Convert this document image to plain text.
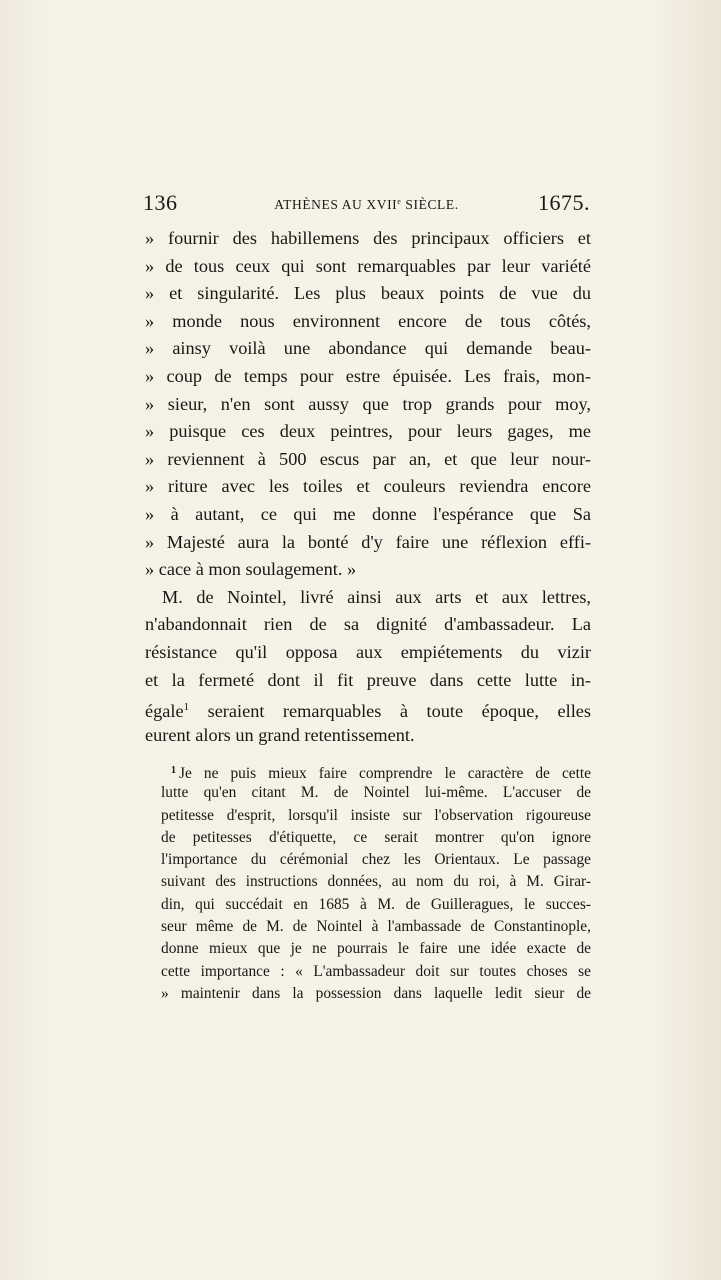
136	ATHÈNES AU XVIIe SIÈCLE.	1675.
» fournir des habillemens des principaux officiers et
» de tous ceux qui sont remarquables par leur variété
» et singularité. Les plus beaux points de vue du
» monde nous environnent encore de tous côtés,
» ainsy voilà une abondance qui demande beau-
» coup de temps pour estre épuisée. Les frais, mon-
» sieur, n'en sont aussy que trop grands pour moy,
» puisque ces deux peintres, pour leurs gages, me
» reviennent à 500 escus par an, et que leur nour-
» riture avec les toiles et couleurs reviendra encore
» à autant, ce qui me donne l'espérance que Sa
» Majesté aura la bonté d'y faire une réflexion effi-
» cace à mon soulagement. »
M. de Nointel, livré ainsi aux arts et aux lettres,
n'abandonnait rien de sa dignité d'ambassadeur. La
résistance qu'il opposa aux empiétements du vizir
et la fermeté dont il fit preuve dans cette lutte in-
égale$^1$ seraient remarquables à toute époque, elles
eurent alors un grand retentissement.
$^1$ Je ne puis mieux faire comprendre le caractère de cette
lutte qu'en citant M. de Nointel lui-même. L'accuser de
petitesse d'esprit, lorsqu'il insiste sur l'observation rigoureuse
de petitesses d'étiquette, ce serait montrer qu'on ignore
l'importance du cérémonial chez les Orientaux. Le passage
suivant des instructions données, au nom du roi, à M. Girar-
din, qui succédait en 1685 à M. de Guilleragues, le succes-
seur même de M. de Nointel à l'ambassade de Constantinople,
donne mieux que je ne pourrais le faire une idée exacte de
cette importance : « L'ambassadeur doit sur toutes choses se
» maintenir dans la possession dans laquelle ledit sieur de
